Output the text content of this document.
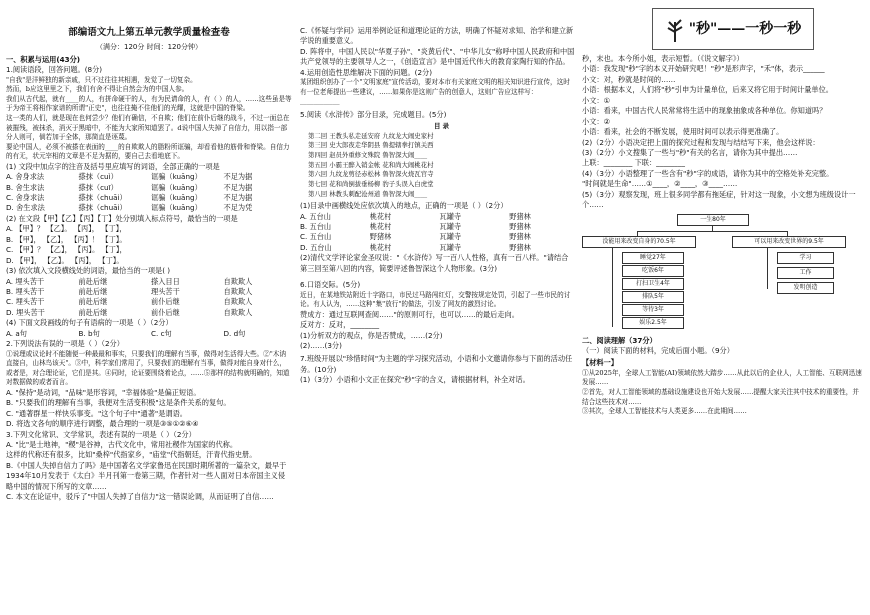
部编语文九上第五单元教学质量检查卷
（满分：120分 时间：120分钟）
一、积累与运用(43分)
1.阅读语段，回答问题。(8分)
"自我"是洋鲜独的新亲戚，只不过往往其相遇，发觉了一切复杂。
然而，b应这里里之下，我们有舍不得让自然会为的中国人参。
我们从古代起，就有____的人，有拼命硬干的人，有为民请命的人，有（ ）的人，……这些虽是等于为帝王将相作家谱的所谓"正史"，也往往掩不住他们的光耀，这就是中国的脊梁。
这一类的人们，就是现在也何尝少？他们有确信，不自欺；他们在前仆后继的战斗，不过一面总在被摧残，被抹杀，消灭于黑暗中，不能为大家所知道罢了。d说中国人失掉了自信力，用以指一部分人则可，倘若加于全体，那简直是诬蔑。
要论中国人，必须不被搽在表面的____的自欺欺人的脂粉所诓骗，却看看他的筋骨和脊梁。自信力的有无，状元宰相的文章是不足为据的，要自己去看地底下。
(1) 文段中加点字的注音及括号里应填写的词语，全部正确的一项是
A. 舍身求法	搽抹（cuì）	诓骗（kuāng）	不足为据
B. 舍生求法	搽抹（cuī）	诓骗（kuāng）	不足为据
C. 舍身求法	搽抹（chuāi）	诓骗（kuāng）	不足为据
D. 舍生求法	搽抹（chuāi）	诓骗（kuāng）	不足为凭
(2) 在文段【甲】【乙】【丙】【丁】处分别填入标点符号，最恰当的一项是
A. 【甲】？ 【乙】。 【丙】， 【丁】，
B. 【甲】， 【乙】， 【丙】！ 【丁】。
C. 【甲】？ 【乙】， 【丙】。 【丁】，
D. 【甲】， 【乙】。 【丙】， 【丁】。
(3) 依次填入文段横线处的词语，最恰当的一项是( )
A. 埋头苦干	前赴后继	搽入目日	自欺欺人
B. 埋头苦干	前赴后继	理头苦干	自欺欺人
C. 埋头苦干	前赴后继	前仆后继	自欺欺人
D. 埋头苦干	前赴后继	前仆后继	自欺欺人
(4) 下面文段画线的句子有语病的一项是（ ）（2分）
A. a句	B. b句	C. c句	D. d句
2.下列说法有误的一项是（ ）（2分）
①说理或议论时不能随便一种最最和事实，只要我们的理解有当事，做得对生活得大些。②"木讷直接自，山林鸟该天"。③中，科学家们常用了，只要我们的理解有当事，做得对能自身对什么，或者是，对合理论证，它们是其。④同时，论证要围绕着论点，……⑤那样的结构就明确的，知道对数据做的或者而言。
A. "保持"是动词，"品味"是形容词，"幸福体验"是偏正短语。
B. "只要我们的理解有当事，我便对生活变积极"这是条件关系的复句。
C. "通著群星一样快乐事变。"这个句子中"通著"是谓语。
D. 将选文各句的顺序进行调整，最合理的一项是③⑤①②⑥④
3.下列文化常识、文学常识，表述有误的一项是（ ）（2分）
A. "比"是士地神，"稷"是谷神，古代文化中，常用社稷作为国家的代称。
这样的代称还有很多，比如"桑梓"代指家乡，"庙堂"代指朝廷，汗青代指史册。
B.《中国人失掉自信力了吗》是中国著名文学家鲁迅在民国时期所著的一篇杂文，最早于1934年10月发表于《太白》半月刊第一卷第三期，作者针对一些人面对日本帝国主义侵略中国的情况下所写的文章……
C. 本文在论证中，驳斥了"中国人失掉了自信力"这一错误论调，从而证明了自信……
C.《怀疑与学问》运用举例论证和道理论证的方法，明确了怀疑对求知、治学和建立新学说的重要意义。
D. 阵将中，中国人民以"华夏子孙"、"炎黄后代"、"中华儿女"称呼中国人民政府和中国共产党领导的主要领导人之一，《创造宣言》是中国近代伟大的教育家陶行知的作品。
4.运用创造性思维解决下面的问题。(2分)
某团组织创办了一个"文明家庭"宣传活动，要对本市有关家庭文明的相关知识进行宣传，这时有一位老师提出一些建议，……如果你是这则广告的创意人，这则广告应这样写：____________
5.阅读《水浒传》部分目录，完成题目。(5分)
目 录
第二回 王教头私走延安府 九纹龙大闹史家村
第三回 史大郎夜走华阴县 鲁提辖拳打镇关西
第四回 赵员外重修文殊院 鲁智深大闹____
第五回 小霸王醉入销金帐 花和尚大闹桃花村
第六回 九纹龙剪径赤松林 鲁智深火烧瓦官寺
第七回 花和尚倒拔垂杨柳 豹子头误入白虎堂
第八回 林教头刺配沧州道 鲁智深大闹____
(1)目录中画横线处应依次填入的地点，正确的一项是（ ）（2分）
A. 五台山	桃花村	瓦罐寺	野猪林
B. 五台山	桃花村	瓦罐寺	野猪林
C. 五台山	野猪林	瓦罐寺	野猪林
D. 五台山	桃花村	瓦罐寺	野猪林
(2)清代文学评论家金圣叹说："《水浒传》写一百八人性格，真有一百八样。"请结合第三回至第八回的内容，简要评述鲁智深这个人物形象。(3分)
6.口语交际。(5分)
近日，在某地铁站附近十字路口，市民过马路闯红灯，交警按规定处罚，引起了一些市民的讨论。有人认为，……这种"集"放行"的做法，引发了网友的激烈讨论。
赞成方：通过互联网查阅……"的原则可行，也可以……的最后走向。
反对方：反对，________
(1)分析双方的观点，你是否赞成，……(2分)
(2)……(3分)
7.班级开展以"珍惜时间"为主题的学习探究活动，小语和小文邀请你参与下面的活动任务。(10分)
(1)（3分）小语和小文正在探究"秒"字的含义，请根据材料，补全对话。
"秒"——一秒一秒
秒，末也。本今所小姐，表示短暂。（《说文解字》）
小语：我发现"秒"字的本义开始研究吧！"秒"是形声字，"禾"体，表示______
小文：对，秒就是时间的……
小语：根据本义，人们将"秒"引申为计量单位，后来又将它用于时间计量单位。
小文：①
小语：看来，中国古代人民常常将生活中的现象抽象成各种单位。你知道吗？
小文：②
小语：看来，社会的不断发展，使用时间可以表示得更准确了。
(2)（2分）小语决定把上面的探究过程和发现与结结写下来，他会这样说：
(3)（2分）小文搜集了一些与"秒"有关的名言，请你为其中提出……
上联：________ 下联：________
(4)（3分）小语整理了一些含有"秒"字的成语，请你为其中的空格处补充完整。
"时间就是生命"……①____，②____，③____……
(5)（3分）观察发现，班上很多同学都有拖延症，针对这一现象，小文想为班级设计一个……
一生80年
没能用来改变自身的70.5年	可以用来改变世界的9.5年
睡觉27年
吃饭6年
打扫卫生4年
排队5年
等待3年
娱乐2.5年
学习
工作
发明创造
二、阅读理解（37分）
（一）阅读下面的材料，完成后面小题。（9分）
【材料一】
①从2025年，全球人工智能(AI)领域依然大踏步……从此以后的企业人，人工智能、互联网迅速发展……
②首先，对人工智能领域的基础设施建设也开始大发展……提醒大家关注其中技术的重要性，并结合这些技术对……
③其次，全球人工智能技术与人类更多……在此期间……
